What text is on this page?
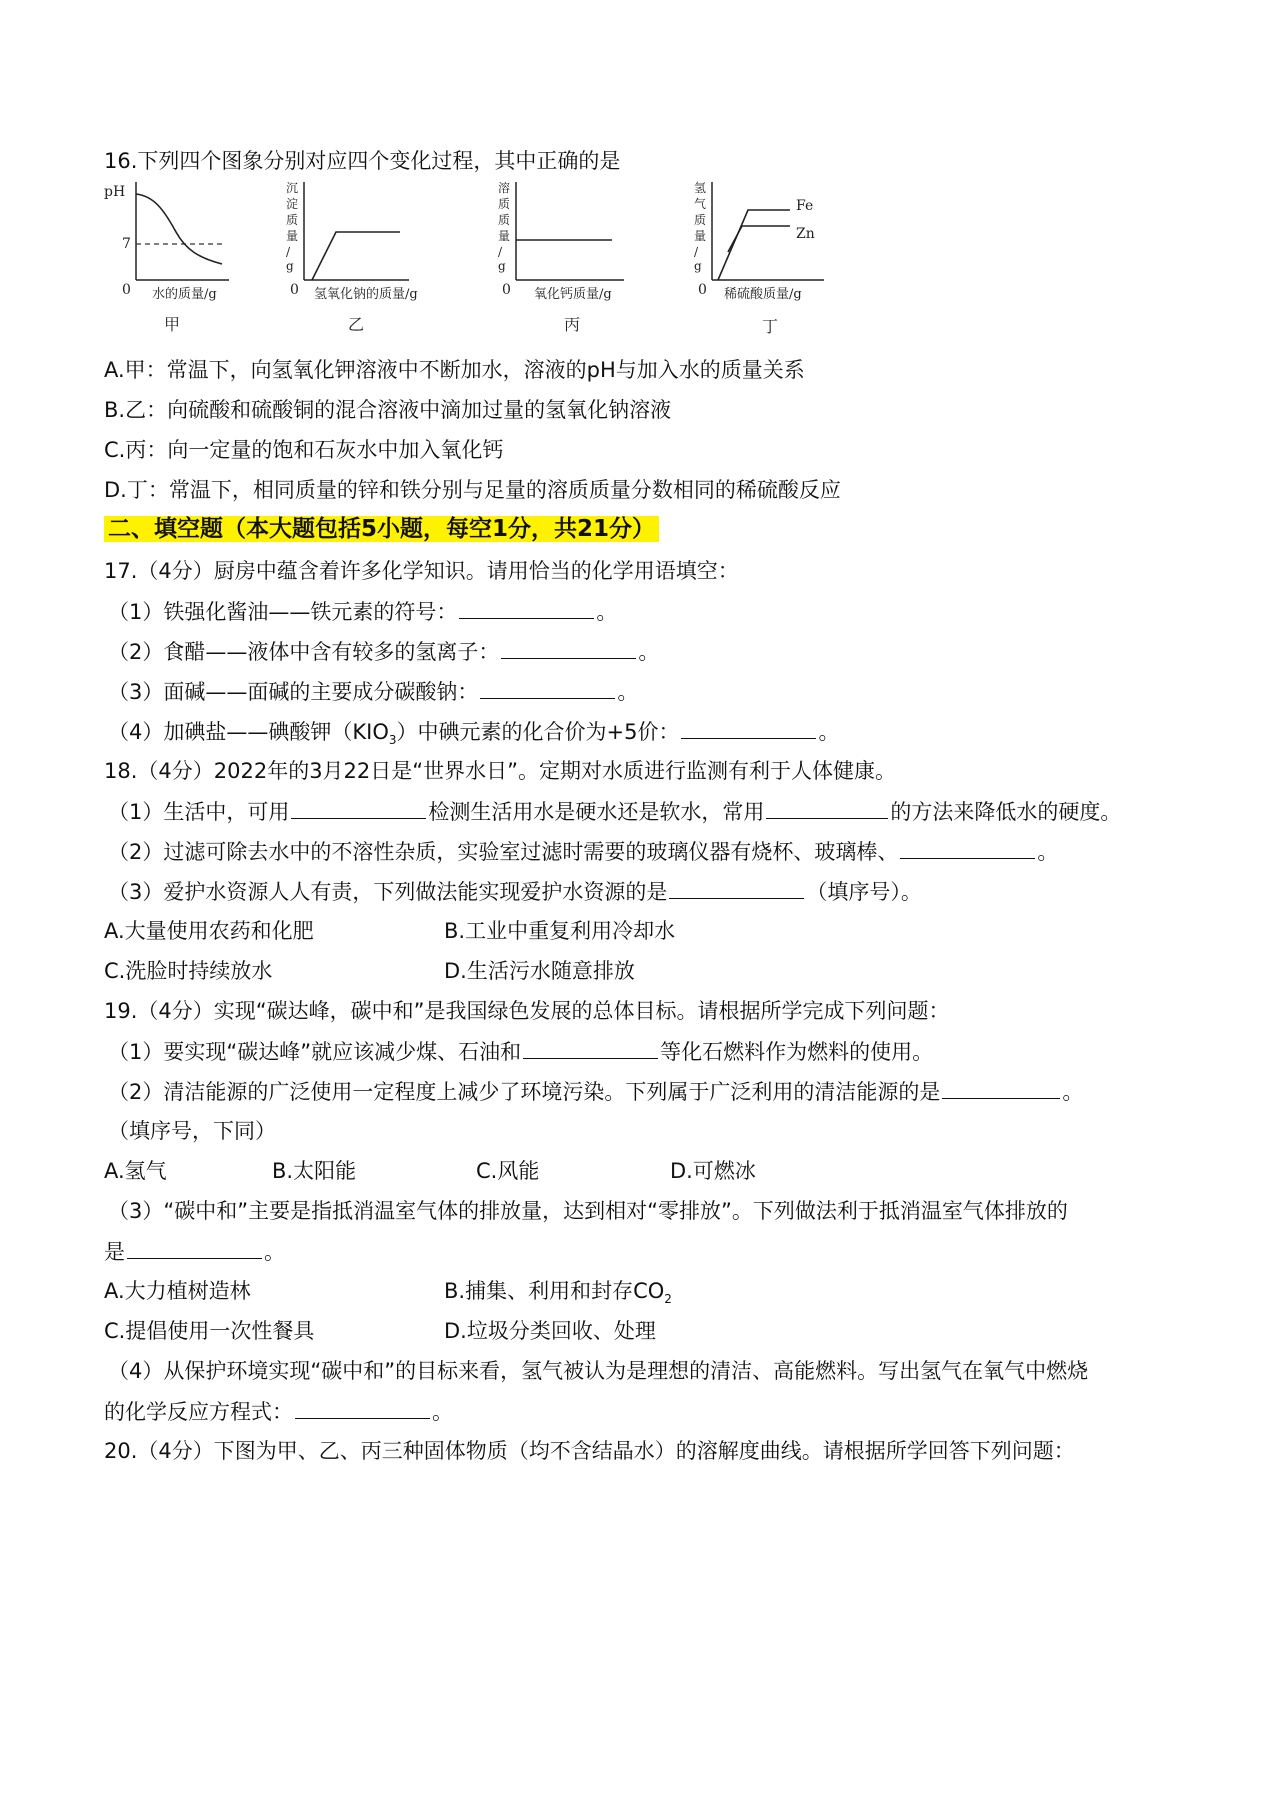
16.下列四个图象分别对应四个变化过程，其中正确的是
pH
7
0 水的质量/g
甲
沉淀质量/ g
0 氢氧化钠的质量/g
乙
溶质质量/ g
0 氧化钙质量/g
丙
氢气质量/ g
Fe
Zn
0 稀硫酸质量/g
丁
A.甲：常温下，向氢氧化钾溶液中不断加水，溶液的pH与加入水的质量关系
B.乙：向硫酸和硫酸铜的混合溶液中滴加过量的氢氧化钠溶液
C.丙：向一定量的饱和石灰水中加入氧化钙
D.丁：常温下，相同质量的锌和铁分别与足量的溶质质量分数相同的稀硫酸反应
二、填空题（本大题包括5小题，每空1分，共21分）
17.（4分）厨房中蕴含着许多化学知识。请用恰当的化学用语填空：
（1）铁强化酱油——铁元素的符号：	。
（2）食醋——液体中含有较多的氢离子：	。
（3）面碱——面碱的主要成分碳酸钠：	。
（4）加碘盐——碘酸钾$(KIO_3)$中碘元素的化合价为+5价：	。
18.（4分）2022年的3月22日是“世界水日”。定期对水质进行监测有利于人体健康。
（1）生活中，可用	检测生活用水是硬水还是软水，常用	的方法来降低水的硬度。
（2）过滤可除去水中的不溶性杂质，实验室过滤时需要的玻璃仪器有烧杯、玻璃棒、	。
（3）爱护水资源人人有责，下列做法能实现爱护水资源的是	（填序号）。
A.大量使用农药和化肥	B.工业中重复利用冷却水
C.洗脸时持续放水	D.生活污水随意排放
19.（4分）实现“碳达峰，碳中和”是我国绿色发展的总体目标。请根据所学完成下列问题：
（1）要实现“碳达峰”就应该减少煤、石油和	等化石燃料作为燃料的使用。
（2）清洁能源的广泛使用一定程度上减少了环境污染。下列属于广泛利用的清洁能源的是	。
（填序号，下同）
A.氢气	B.太阳能	C.风能	D.可燃冰
（3）“碳中和”主要是指抵消温室气体的排放量，达到相对“零排放”。下列做法利于抵消温室气体排放的
是	。
A.大力植树造林	B.捕集、利用和封存$CO_2$
C.提倡使用一次性餐具	D.垃圾分类回收、处理
（4）从保护环境实现“碳中和”的目标来看，氢气被认为是理想的清洁、高能燃料。写出氢气在氧气中燃烧
的化学反应方程式：	。
20.（4分）下图为甲、乙、丙三种固体物质（均不含结晶水）的溶解度曲线。请根据所学回答下列问题：
